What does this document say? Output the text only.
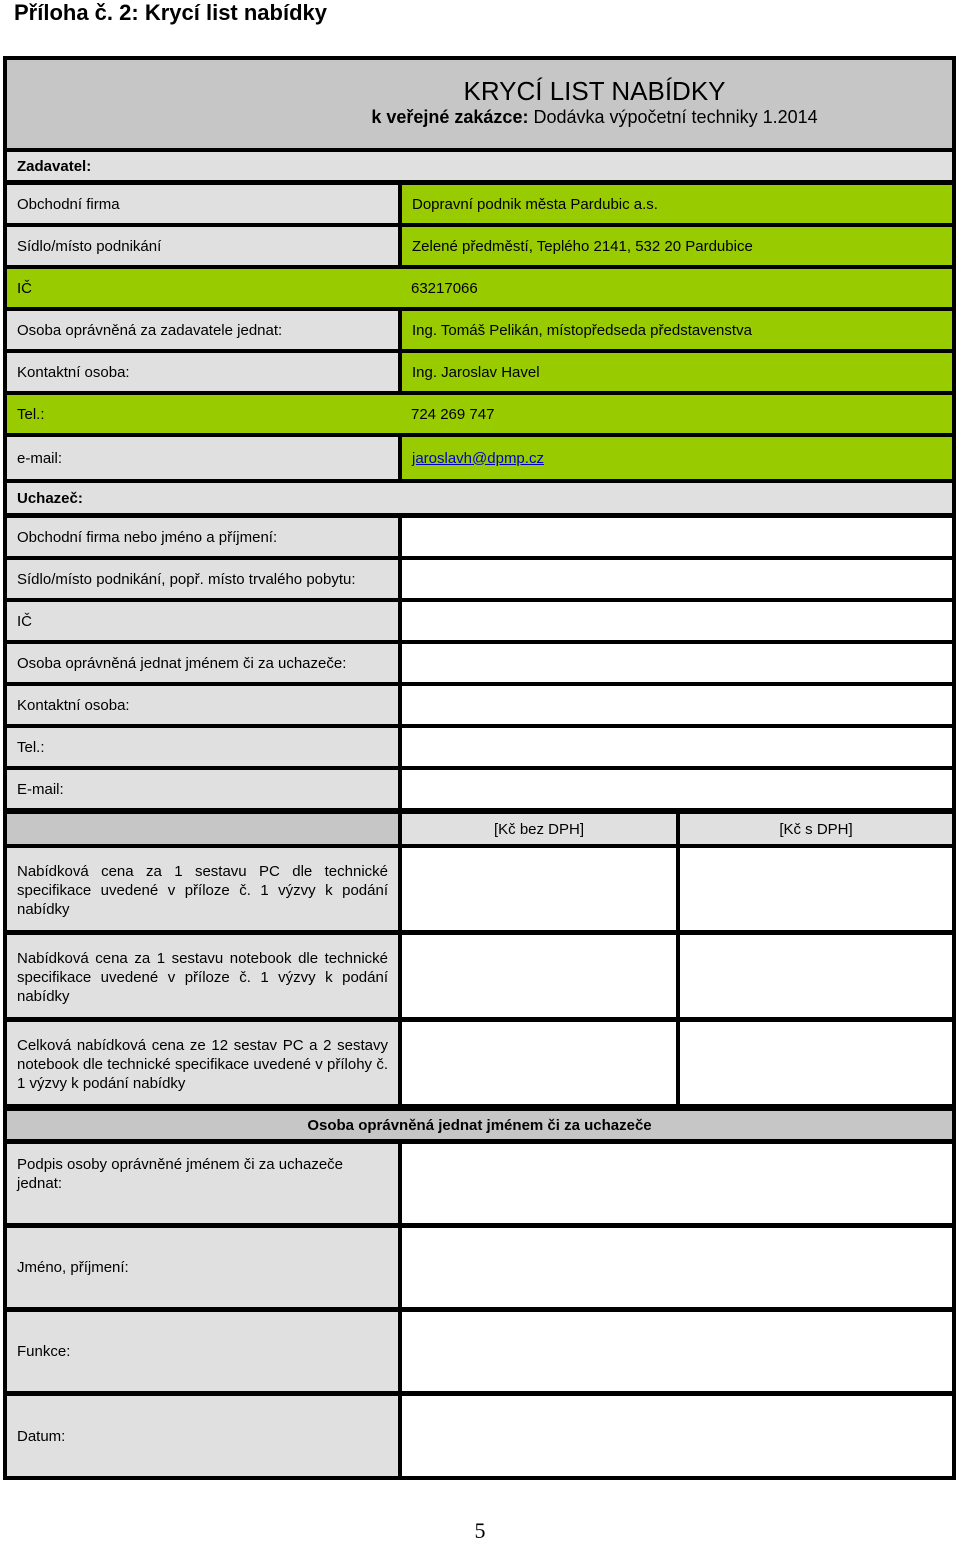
Příloha č. 2: Krycí list nabídky
KRYCÍ LIST NABÍDKY
k veřejné zakázce: Dodávka výpočetní techniky 1.2014
Zadavatel:
Obchodní firma	Dopravní podnik města Pardubic a.s.
Sídlo/místo podnikání	Zelené předměstí, Teplého 2141, 532 20 Pardubice
IČ	63217066
Osoba oprávněná za zadavatele jednat:	Ing. Tomáš Pelikán, místopředseda představenstva
Kontaktní osoba:	Ing. Jaroslav Havel
Tel.:	724 269 747
e-mail:	jaroslavh@dpmp.cz
Uchazeč:
Obchodní firma nebo jméno a příjmení:
Sídlo/místo podnikání, popř. místo trvalého pobytu:
IČ
Osoba oprávněná jednat jménem či za uchazeče:
Kontaktní osoba:
Tel.:
E-mail:
[Kč bez DPH]	[Kč s DPH]
Nabídková cena za 1 sestavu PC dle technické specifikace uvedené v příloze č. 1 výzvy k podání nabídky
Nabídková cena za 1 sestavu notebook dle technické specifikace uvedené v příloze č. 1 výzvy k podání nabídky
Celková nabídková cena ze 12 sestav PC a 2 sestavy notebook dle technické specifikace uvedené v přílohy č. 1 výzvy k podání nabídky
Osoba oprávněná jednat jménem či za uchazeče
Podpis osoby oprávněné jménem či za uchazeče jednat:
Jméno, příjmení:
Funkce:
Datum:
5
